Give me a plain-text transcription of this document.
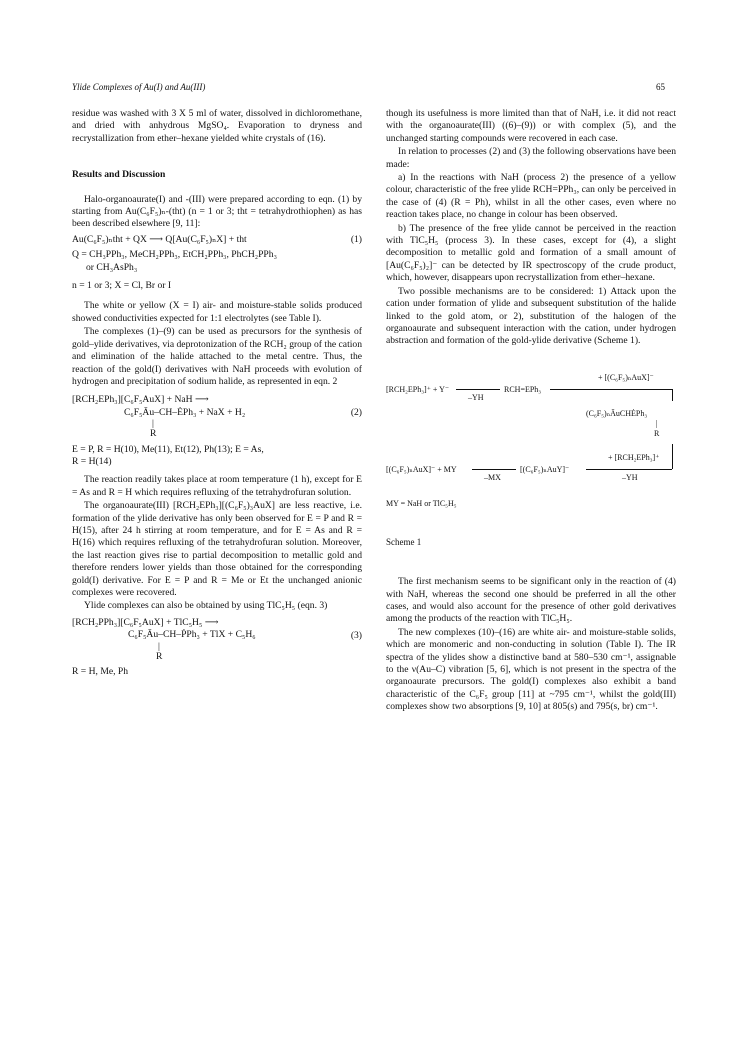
Ylide Complexes of Au(I) and Au(III)	65

residue was washed with 3 X 5 ml of water, dissolved in dichloromethane, and dried with anhydrous MgSO₄. Evaporation to dryness and recrystallization from ether–hexane yielded white crystals of (16).

Results and Discussion

Halo-organoaurate(I) and -(III) were prepared according to eqn. (1) by starting from Au(C₆F₅)ₙ-(tht) (n = 1 or 3; tht = tetrahydrothiophen) as has been described elsewhere [9, 11]:

Au(C₆F₅)ₙtht + QX ⟶ Q[Au(C₆F₅)ₙX] + tht	(1)
Q = CH₃PPh₃, MeCH₂PPh₃, EtCH₂PPh₃, PhCH₂PPh₃
or CH₃AsPh₃
n = 1 or 3; X = Cl, Br or I

The white or yellow (X = I) air- and moisture-stable solids produced showed conductivities expected for 1:1 electrolytes (see Table I).

The complexes (1)–(9) can be used as precursors for the synthesis of gold–ylide derivatives, via deprotonization of the RCH₂ group of the cation and elimination of the halide attached to the metal centre. Thus, the reaction of the gold(I) derivatives with NaH proceeds with evolution of hydrogen and precipitation of sodium halide, as represented in eqn. 2

[RCH₂EPh₃][C₆F₅AuX] + NaH ⟶
C₆F₅Āu–CH–ĖPh₃ + NaX + H₂
|
R
(2)
E = P, R = H(10), Me(11), Et(12), Ph(13); E = As,
R = H(14)

The reaction readily takes place at room temperature (1 h), except for E = As and R = H which requires refluxing of the tetrahydrofuran solution.

The organoaurate(III) [RCH₂EPh₃][(C₆F₅)₃AuX] are less reactive, i.e. formation of the ylide derivative has only been observed for E = P and R = H(15), after 24 h stirring at room temperature, and for E = As and R = H(16) which requires refluxing of the tetrahydrofuran solution. Moreover, the last reaction gives rise to partial decomposition to metallic gold and therefore renders lower yields than those obtained for the corresponding gold(I) derivative. For E = P and R = Me or Et the unchanged anionic complexes were recovered.

Ylide complexes can also be obtained by using TlC₅H₅ (eqn. 3)

[RCH₂PPh₃][C₆F₅AuX] + TlC₅H₅ ⟶
C₆F₅Āu–CH–ṖPh₃ + TlX + C₅H₆
|
R
(3)
R = H, Me, Ph

though its usefulness is more limited than that of NaH, i.e. it did not react with the organoaurate(III) ((6)–(9)) or with complex (5), and the unchanged starting compounds were recovered in each case.

In relation to processes (2) and (3) the following observations have been made:

a) In the reactions with NaH (process 2) the presence of a yellow colour, characteristic of the free ylide RCH=PPh₃, can only be perceived in the case of (4) (R = Ph), whilst in all the other cases, even where no reaction takes place, no change in colour has been observed.

b) The presence of the free ylide cannot be perceived in the reaction with TlC₅H₅ (process 3). In these cases, except for (4), a slight decomposition to metallic gold and formation of a small amount of [Au(C₆F₅)₂]⁻ can be detected by IR spectroscopy of the crude product, which, however, disappears upon recrystallization from ether–hexane.

Two possible mechanisms are to be considered: 1) Attack upon the cation under formation of ylide and subsequent substitution of the halide linked to the gold atom, or 2), substitution of the halogen of the organoaurate and subsequent interaction with the cation, under hydrogen abstraction and formation of the gold-ylide derivative (Scheme 1).

[RCH₂EPh₃]⁺ + Y⁻
–YH
RCH=EPh₃
+ [(C₆F₅)ₙAuX]⁻
(C₆F₅)ₙĀuCHĖPh₃
|
R
[(C₆F₅)ₙAuX]⁻ + MY
–MX
[(C₆F₅)ₙAuY]⁻
+ [RCH₂EPh₃]⁺
–YH
MY = NaH or TlC₅H₅
Scheme 1

The first mechanism seems to be significant only in the reaction of (4) with NaH, whereas the second one should be preferred in all the other cases, and would also account for the presence of other gold derivatives among the products of the reaction with TlC₅H₅.

The new complexes (10)–(16) are white air- and moisture-stable solids, which are monomeric and non-conducting in solution (Table I). The IR spectra of the ylides show a distinctive band at 580–530 cm⁻¹, assignable to the ν(Au–C) vibration [5, 6], which is not present in the spectra of the organoaurate precursors. The gold(I) complexes also exhibit a band characteristic of the C₆F₅ group [11] at ~795 cm⁻¹, whilst the gold(III) complexes show two absorptions [9, 10] at 805(s) and 795(s, br) cm⁻¹.
